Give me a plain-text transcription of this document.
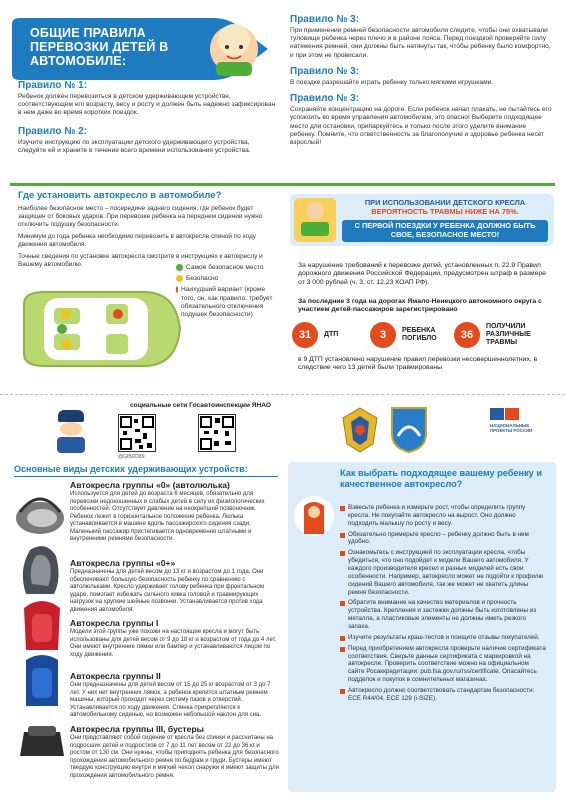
ОБЩИЕ ПРАВИЛА ПЕРЕВОЗКИ ДЕТЕЙ В АВТОМОБИЛЕ:
Правило № 1:
Ребенок должен перевозиться в детском удерживающем устройстве, соответствующем его возрасту, весу и росту и должен быть надежно зафиксирован в нем даже во время коротких поездок.
Правило № 2:
Изучите инструкцию по эксплуатации детского удерживающего устройства, следуйте ей и храните в течение всего времени использования устройства.
Правило № 3:
При применении ремней безопасности автомобиля следите, чтобы они охватывали туловище ребенка через плечо и в районе пояса. Перед поездкой проверяйте силу натяжения ремней, они должны быть натянуты так, чтобы ребенку было комфортно, и при этом не провисали.
Правило № 3:
В поездке разрешайте играть ребенку только мягкими игрушками.
Правило № 3:
Сохраняйте концентрацию на дороге. Если ребенок начал плакать, не пытайтесь его успокоить во время управления автомобилем, это опасно! Выберите подходящее место для остановки, припаркуйтесь и только после этого уделите внимание ребенку. Помните, что ответственность за благополучие и здоровье ребенка несет взрослый!
Где установить автокресло в автомобиле?
Наиболее безопасное место – посередине заднего сидения, где ребенок будет защищен от боковых ударов. При перевозке ребенка на переднем сидении нужно отключить подушку безопасности.
Минимум до года ребенка необходимо перевозить в автокресле спиной по ходу движения автомобиля.
Точные сведения по установке автокресла смотрите в инструкциях к автокреслу и Вашему автомобилю.	Самое безопасное место
Безопасно
Наихудший вариант (кроме того, он, как правило, требует обязательного отключения подушек безопасности)
ПРИ ИСПОЛЬЗОВАНИИ ДЕТСКОГО КРЕСЛА
ВЕРОЯТНОСТЬ ТРАВМЫ НИЖЕ НА 75%.
С ПЕРВОЙ ПОЕЗДКИ У РЕБЕНКА ДОЛЖНО БЫТЬ СВОЕ, БЕЗОПАСНОЕ МЕСТО!
За нарушение требований к перевозке детей, установленных п. 22.9 Правил дорожного движения Российской Федерации, предусмотрен штраф в размере от 3 000 рублей (ч. 3, ст. 12.23 КОАП РФ).
За последние 3 года на дорогах Ямало-Ненецкого автономного округа с участием детей-пассажиров зарегистрировано
31	ДТП	3	РЕБЕНКА ПОГИБЛО	36
ПОЛУЧИЛИ РАЗЛИЧНЫЕ ТРАВМЫ
в 9 ДТП установлено нарушение правил перевозки несовершеннолетних, в следствие чего 13 детей были травмированы
социальные сети Госавтоинспекции ЯНАО
@GIBDD89
НАЦИОНАЛЬНЫЕ ПРОЕКТЫ РОССИИ
Основные виды детских удерживающих устройств:
Автокресла группы «0» (автолюлька)
Используется для детей до возраста 6 месяцев, обязательно для перевозки недоношенных и слабых детей в силу их физиологических особенностей. Отсутствует давление на неокрепший позвоночник. Ребенок лежит в горизонтальное положение ребенка. Люлька устанавливается в машине вдоль пассажирского сидения сзади. Маленький пассажир пристегивается одновременно штатными и внутренними ремнями безопасности.
Автокресла группы «0+»
Предназначены для детей весом до 13 кг и возрастом до 1 года. Они обеспечивают большую безопасность ребенку по сравнению с автолюльками. Кресло удерживает голову ребенка при фронтальном ударе, помогает избежать сильного кивка головой и травмирующих нагрузок на хрупкие шейные позвонки. Устанавливается против хода движения автомобиля.
Автокресла группы I
Модели этой группы уже похожи на настоящие кресла и могут быть использованы для детей весом от 9 до 18 кг и возрастом от года до 4 лет. Они имеют внутренние лямки или бампер и устанавливаются лицом по ходу движения.
Автокресла группы II
Они предназначены для детей весом от 15 до 25 кг возрастом от 3 до 7 лет. У них нет внутренних лямок, а ребенок крепится штатным ремнем машины, который проходит через систему пазов и отверстий. Устанавливается по ходу движения. Спинка прикрепляется к автомобильному сиденью, но возможен небольшой наклон для сна.
Автокресла группы III, бустеры
Они представляют собой сидение от кресла без спинки и рассчитаны на подросших детей и подростков от 7 до 11 лет весом от 22 до 36 кг и ростом от 130 см. Они нужны, чтобы приподнять ребенка для безопасного прохождения автомобильного ремня по бедрам и груди. Бустеры имеют твердую конструкцию внутри и мягкий чехол снаружи и имеют защиты для прохождения автомобильного ремня.
Как выбрать подходящее вашему ребенку и качественное автокресло?
Взвесьте ребенка и измерьте рост, чтобы определить группу кресла. Не покупайте автокресло на вырост. Оно должно подходить малышу по росту и весу.
Обязательно примерьте кресло – ребенку должно быть в нем удобно.
Ознакомьтесь с инструкцией по эксплуатации кресла, чтобы убедиться, что оно подойдет к модели Вашего автомобиля. У каждого производителя кресел и разных моделей есть свои особенности. Например, автокресло может не подойти к профилю сидений Вашего автомобиля, так же может не хватить длины ремня безопасности.
Обратите внимание на качество материалов и прочность устройства. Крепления и застежки должны быть изготовлены из металла, а пластиковые элементы не должны иметь резкого запаха.
Изучите результаты краш-тестов и поищите отзывы покупателей.
Перед приобретением автокресла проверьте наличие сертификата соответствия. Сверьте данные сертификата с маркировкой на автокресле. Проверить соответствие можно на официальном сайте Росаккредитации: pub.fsa.gov.ru/rss/certificate. Опасайтесь подделок и покупок в сомнительных магазинах.
Автокресло должно соответствовать стандартам безопасности: ECE R44/04, ECE 129 (i-SIZE).
